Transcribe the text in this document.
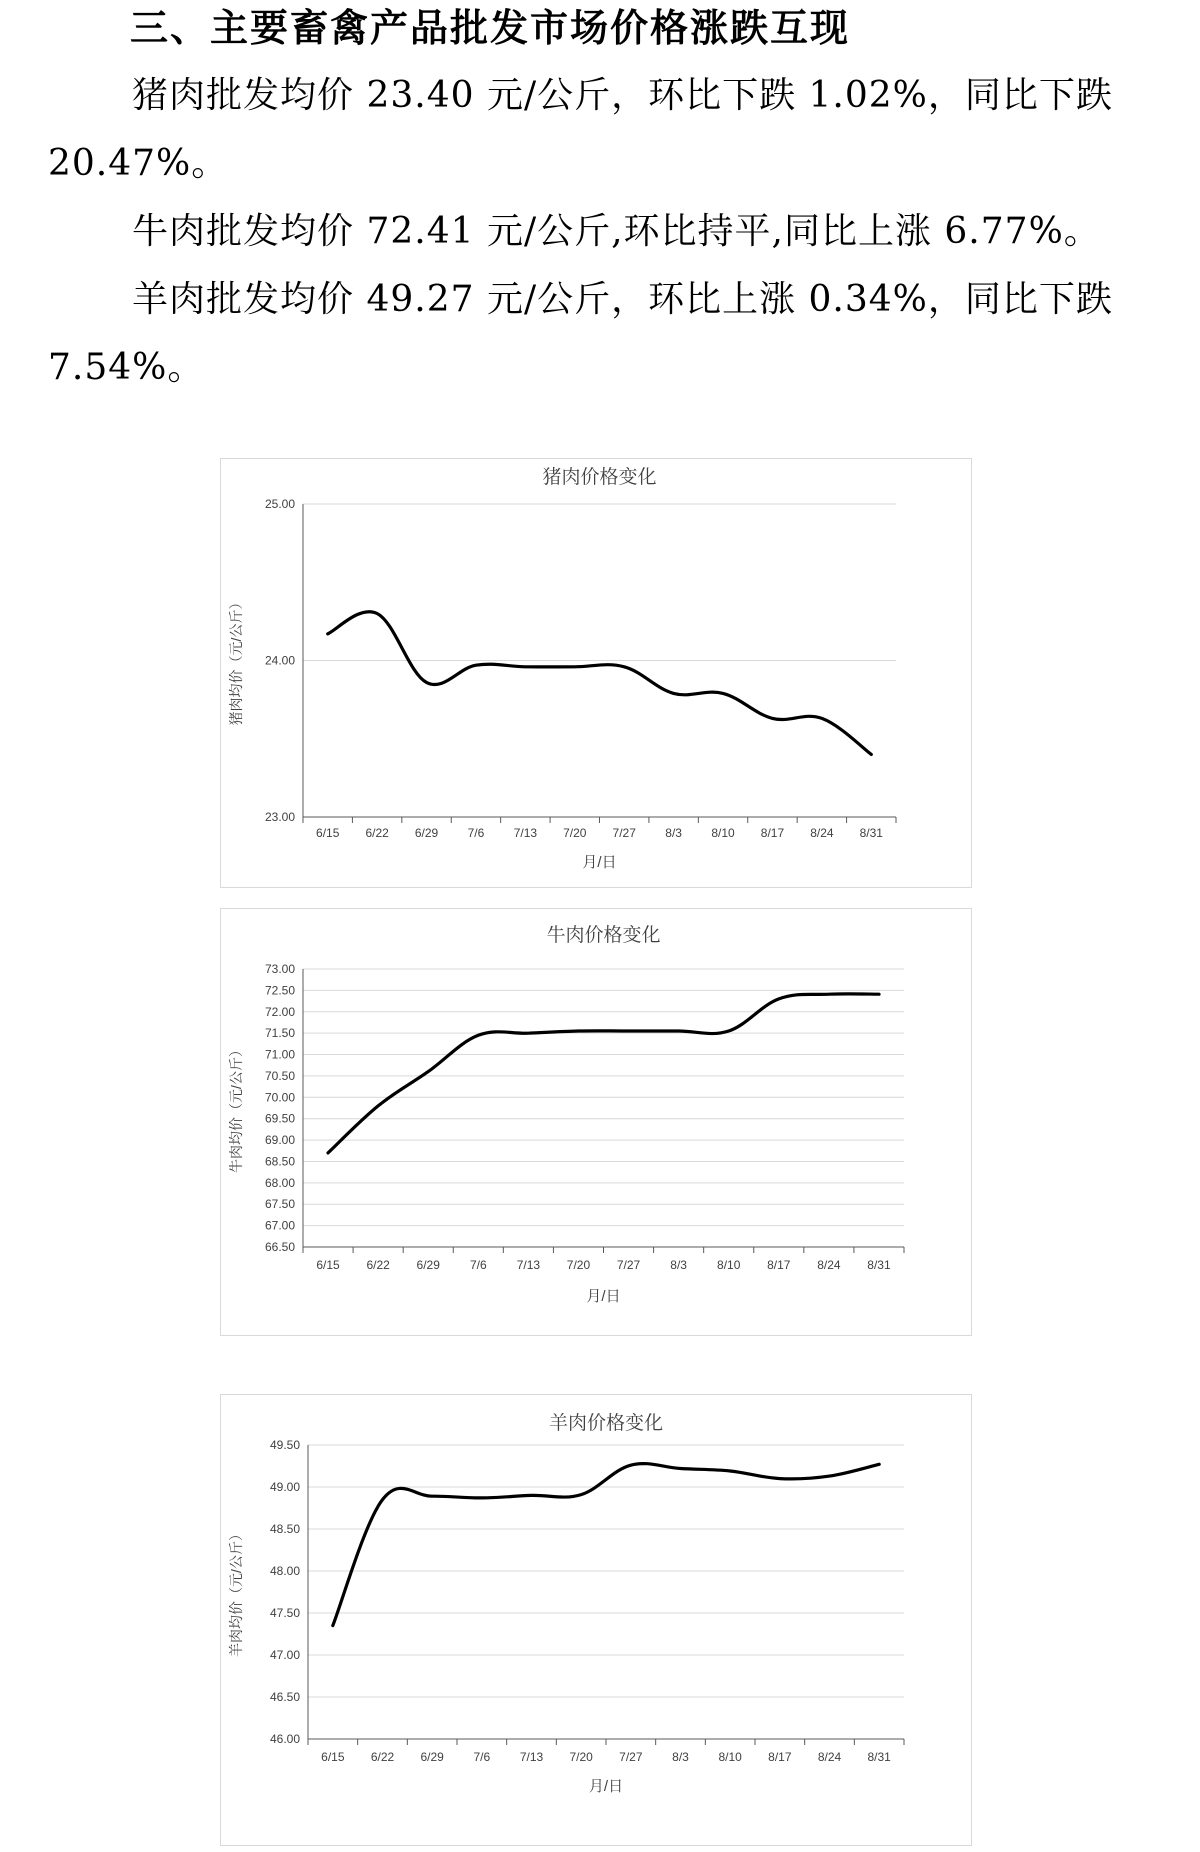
三、主要畜禽产品批发市场价格涨跌互现

猪肉批发均价 23.40 元/公斤，环比下跌 1.02%，同比下跌 20.47%。

牛肉批发均价 72.41 元/公斤,环比持平,同比上涨 6.77%。

羊肉批发均价 49.27 元/公斤，环比上涨 0.34%，同比下跌 7.54%。

猪肉价格变化
23.00
24.00
25.00
6/15 6/22 6/29 7/6 7/13 7/20 7/27 8/3 8/10 8/17 8/24 8/31
月/日
猪肉均价（元/公斤）
牛肉价格变化
66.50
67.00
67.50
68.00
68.50
69.00
69.50
70.00
70.50
71.00
71.50
72.00
72.50
73.00
6/15 6/22 6/29	7/6	7/13 7/20 7/27	8/3	8/10 8/17 8/24 8/31
月/日
牛肉均价（元/公斤）
羊肉价格变化
46.00
46.50
47.00
47.50
48.00
48.50
49.00
49.50
6/15 6/22 6/29 7/6 7/13 7/20 7/27 8/3 8/10 8/17 8/24 8/31
月/日
羊肉均价（元/公斤）
